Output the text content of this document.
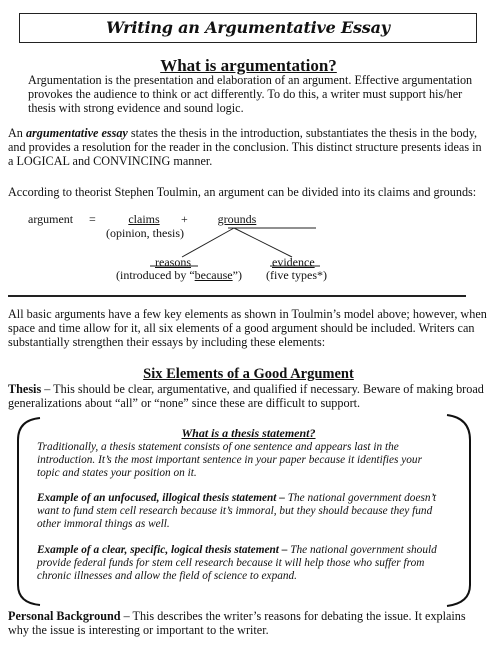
Writing an Argumentative Essay
What is argumentation?
Argumentation is the presentation and elaboration of an argument. Effective argumentation provokes the audience to think or act differently. To do this, a writer must support his/her thesis with strong evidence and sound logic.
An argumentative essay states the thesis in the introduction, substantiates the thesis in the body, and provides a resolution for the reader in the conclusion. This distinct structure presents ideas in a LOGICAL and CONVINCING manner.
According to theorist Stephen Toulmin, an argument can be divided into its claims and grounds:
argument =	claims	+	grounds
(opinion, thesis)
reasons
(introduced by “because”)
evidence
(five types*)
All basic arguments have a few key elements as shown in Toulmin’s model above; however, when space and time allow for it, all six elements of a good argument should be included. Writers can substantially strengthen their essays by including these elements:
Six Elements of a Good Argument
Thesis – This should be clear, argumentative, and qualified if necessary. Beware of making broad generalizations about “all” or “none” since these are difficult to support.
What is a thesis statement?
Traditionally, a thesis statement consists of one sentence and appears last in the introduction. It’s the most important sentence in your paper because it identifies your topic and states your position on it.
Example of an unfocused, illogical thesis statement – The national government doesn’t want to fund stem cell research because it’s immoral, but they should because they fund other immoral things as well.
Example of a clear, specific, logical thesis statement – The national government should provide federal funds for stem cell research because it will help those who suffer from chronic illnesses and allow the field of science to expand.
Personal Background – This describes the writer’s reasons for debating the issue. It explains why the issue is interesting or important to the writer.
